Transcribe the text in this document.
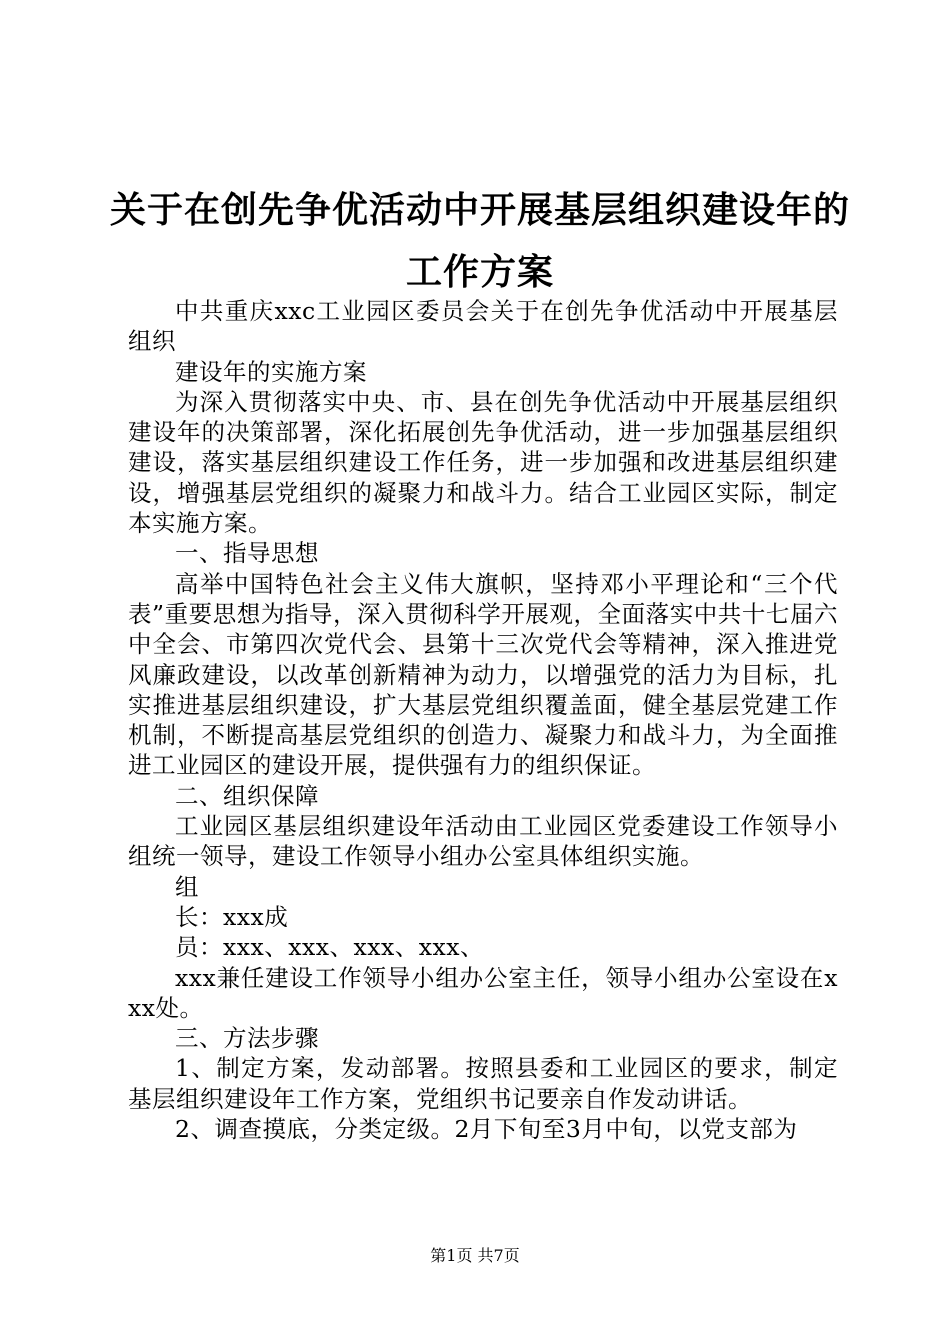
关于在创先争优活动中开展基层组织建设年的
工作方案

中共重庆xxc工业园区委员会关于在创先争优活动中开展基层组织

建设年的实施方案

为深入贯彻落实中央、市、县在创先争优活动中开展基层组织建设年的决策部署，深化拓展创先争优活动，进一步加强基层组织建设，落实基层组织建设工作任务，进一步加强和改进基层组织建设，增强基层党组织的凝聚力和战斗力。结合工业园区实际，制定本实施方案。

一、指导思想

高举中国特色社会主义伟大旗帜，坚持邓小平理论和“三个代表”重要思想为指导，深入贯彻科学开展观，全面落实中共十七届六中全会、市第四次党代会、县第十三次党代会等精神，深入推进党风廉政建设，以改革创新精神为动力，以增强党的活力为目标，扎实推进基层组织建设，扩大基层党组织覆盖面，健全基层党建工作机制，不断提高基层党组织的创造力、凝聚力和战斗力，为全面推进工业园区的建设开展，提供强有力的组织保证。

二、组织保障

工业园区基层组织建设年活动由工业园区党委建设工作领导小组统一领导，建设工作领导小组办公室具体组织实施。

组

长：xxx成

员：xxx、xxx、xxx、xxx、

xxx兼任建设工作领导小组办公室主任，领导小组办公室设在xxx处。

三、方法步骤

1、制定方案，发动部署。按照县委和工业园区的要求，制定基层组织建设年工作方案，党组织书记要亲自作发动讲话。

2、调查摸底，分类定级。2月下旬至3月中旬，以党支部为

第1页 共7页
